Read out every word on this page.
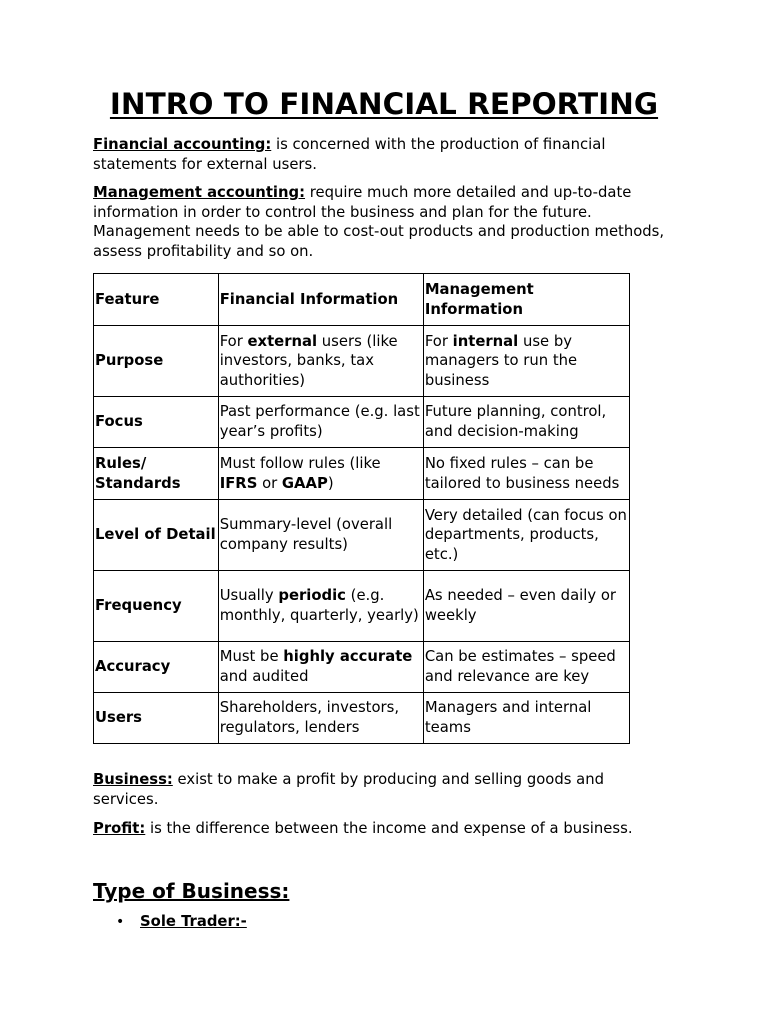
INTRO TO FINANCIAL REPORTING

Financial accounting: is concerned with the production of financial statements for external users.

Management accounting: require much more detailed and up-to-date information in order to control the business and plan for the future. Management needs to be able to cost-out products and production methods, assess profitability and so on.

Feature	Financial Information	Management Information
Purpose	For external users (like investors, banks, tax authorities)	For internal use by managers to run the business
Focus	Past performance (e.g. last year’s profits)	Future planning, control, and decision-making
Rules/ Standards	Must follow rules (like IFRS or GAAP)	No fixed rules – can be tailored to business needs
Level of Detail	Summary-level (overall company results)	Very detailed (can focus on departments, products, etc.)
Frequency	Usually periodic (e.g. monthly, quarterly, yearly)	As needed – even daily or weekly
Accuracy	Must be highly accurate and audited	Can be estimates – speed and relevance are key
Users	Shareholders, investors, regulators, lenders	Managers and internal teams

Business: exist to make a profit by producing and selling goods and services.

Profit: is the difference between the income and expense of a business.

Type of Business:
•	Sole Trader:-
